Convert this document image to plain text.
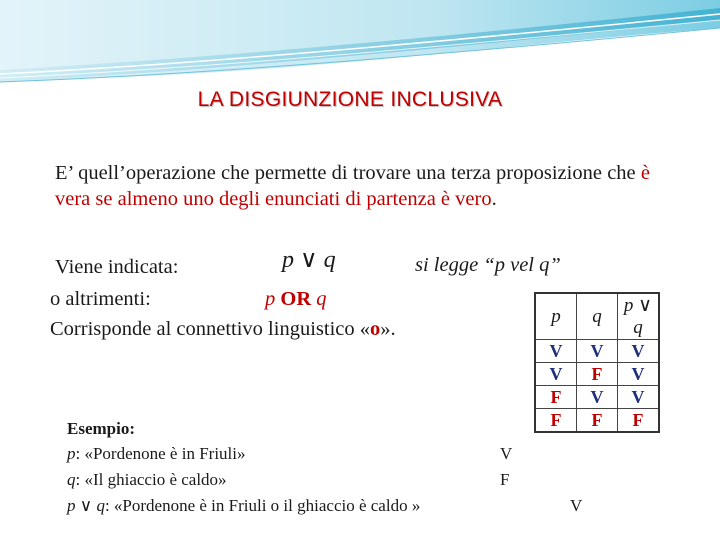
LA DISGIUNZIONE INCLUSIVA
E’ quell’operazione che permette di trovare una terza proposizione che è vera se almeno uno degli enunciati di partenza è vero.
Viene indicata:	p ∨ q	si legge “p vel q”
o altrimenti:	p OR q
Corrisponde al connettivo linguistico «o».
p	q	p ∨ q
V	V	V
V	F	V
F	V	V
F	F	F
Esempio:
p: «Pordenone è in Friuli»	V
q: «Il ghiaccio è caldo»	F
p ∨ q: «Pordenone è in Friuli o il ghiaccio è caldo »	V
